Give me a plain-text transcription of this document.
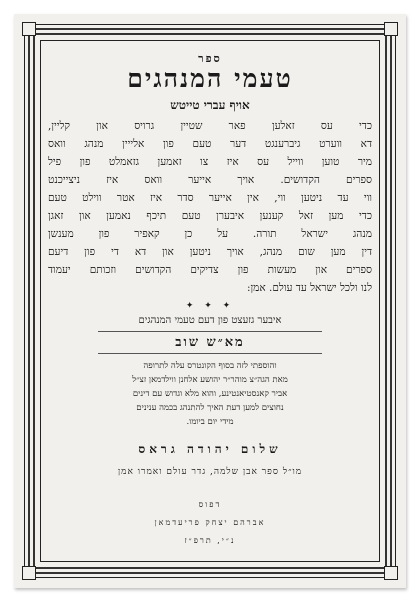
ספר
טעמי המנהגים
אויף עברי טייטש
כדי עס זאלען פאר שטיין גרויס און קליין,
דא ווערט גיברענגט דער טעם פון אלייין מנהג וואס
מיר טוען ווייל עס איז צו זאמען גזאמלט פון פיל
ספרים הקדושים. אויך אייער וואס איז ניצייכנט
ווי עד ניטען ווי, אין אייער סדר איז אטר ווילט טעם
כדי מען זאל קענען איבערן טעם תיכף נאמען און זאגן
מנהג ישראל תורה. על כן קאפיר פון מענשן
דין מען שום מנהג, אויך ניטען און דא די פון דיעם
ספרים און מעשות פון צדיקים הקדושים וזכותם יעמוד
לנו ולכל ישראל עד עולם. אמן:
✦ ✦ ✦
איבער גזעצט פון דעם טעמי המנהגים
מא״ש שוב
והוספתי לזה בסוף הקונטרס עלה לתרופה
מאת הגה״צ מוהר״ר יהושע אלחנן ווילדמאן זצ״ל
אביר קאנסטיאנטינע, והוא מלא וגדוש עם דינים
נחוצים למען דעת האיך להתנהג בכמה ענינים
מידי יום ביומו.
שלום יהודה גראס
מו״ל ספר אבן שלמה, גדר עולם ואמרו אמן
דפוס
אברהם יצחק פריעדמאן
נ״י, תרפ״ז
